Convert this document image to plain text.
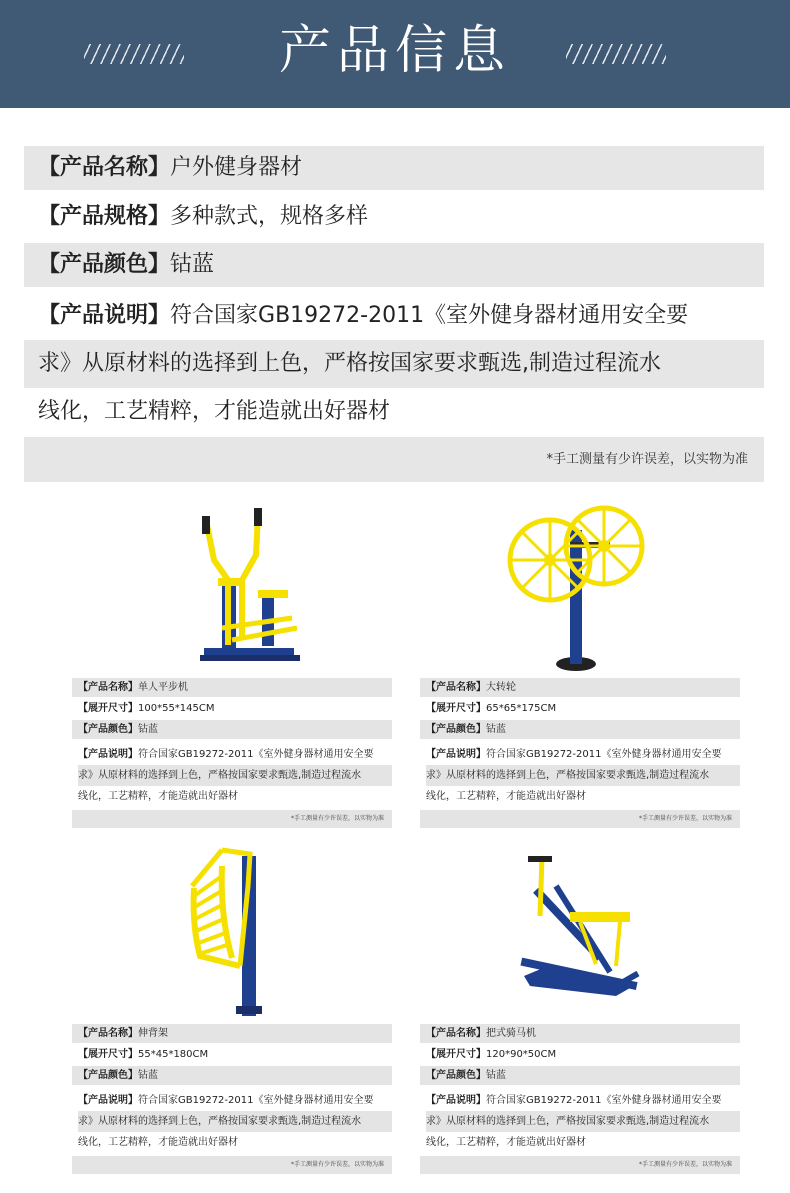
产品信息
【产品名称】户外健身器材
【产品规格】多种款式，规格多样
【产品颜色】钴蓝
【产品说明】符合国家GB19272-2011《室外健身器材通用安全要
求》从原材料的选择到上色，严格按国家要求甄选,制造过程流水
线化，工艺精粹，才能造就出好器材
*手工测量有少许误差，以实物为准
【产品名称】单人平步机
【展开尺寸】100*55*145CM
【产品颜色】钴蓝
【产品说明】符合国家GB19272-2011《室外健身器材通用安全要
求》从原材料的选择到上色，严格按国家要求甄选,制造过程流水
线化，工艺精粹，才能造就出好器材
*手工测量有少许误差，以实物为准
【产品名称】大转轮
【展开尺寸】65*65*175CM
【产品颜色】钴蓝
【产品说明】符合国家GB19272-2011《室外健身器材通用安全要
求》从原材料的选择到上色，严格按国家要求甄选,制造过程流水
线化，工艺精粹，才能造就出好器材
*手工测量有少许误差，以实物为准
【产品名称】伸背架
【展开尺寸】55*45*180CM
【产品颜色】钴蓝
【产品说明】符合国家GB19272-2011《室外健身器材通用安全要
求》从原材料的选择到上色，严格按国家要求甄选,制造过程流水
线化，工艺精粹，才能造就出好器材
*手工测量有少许误差，以实物为准
【产品名称】把式骑马机
【展开尺寸】120*90*50CM
【产品颜色】钴蓝
【产品说明】符合国家GB19272-2011《室外健身器材通用安全要
求》从原材料的选择到上色，严格按国家要求甄选,制造过程流水
线化，工艺精粹，才能造就出好器材
*手工测量有少许误差，以实物为准
